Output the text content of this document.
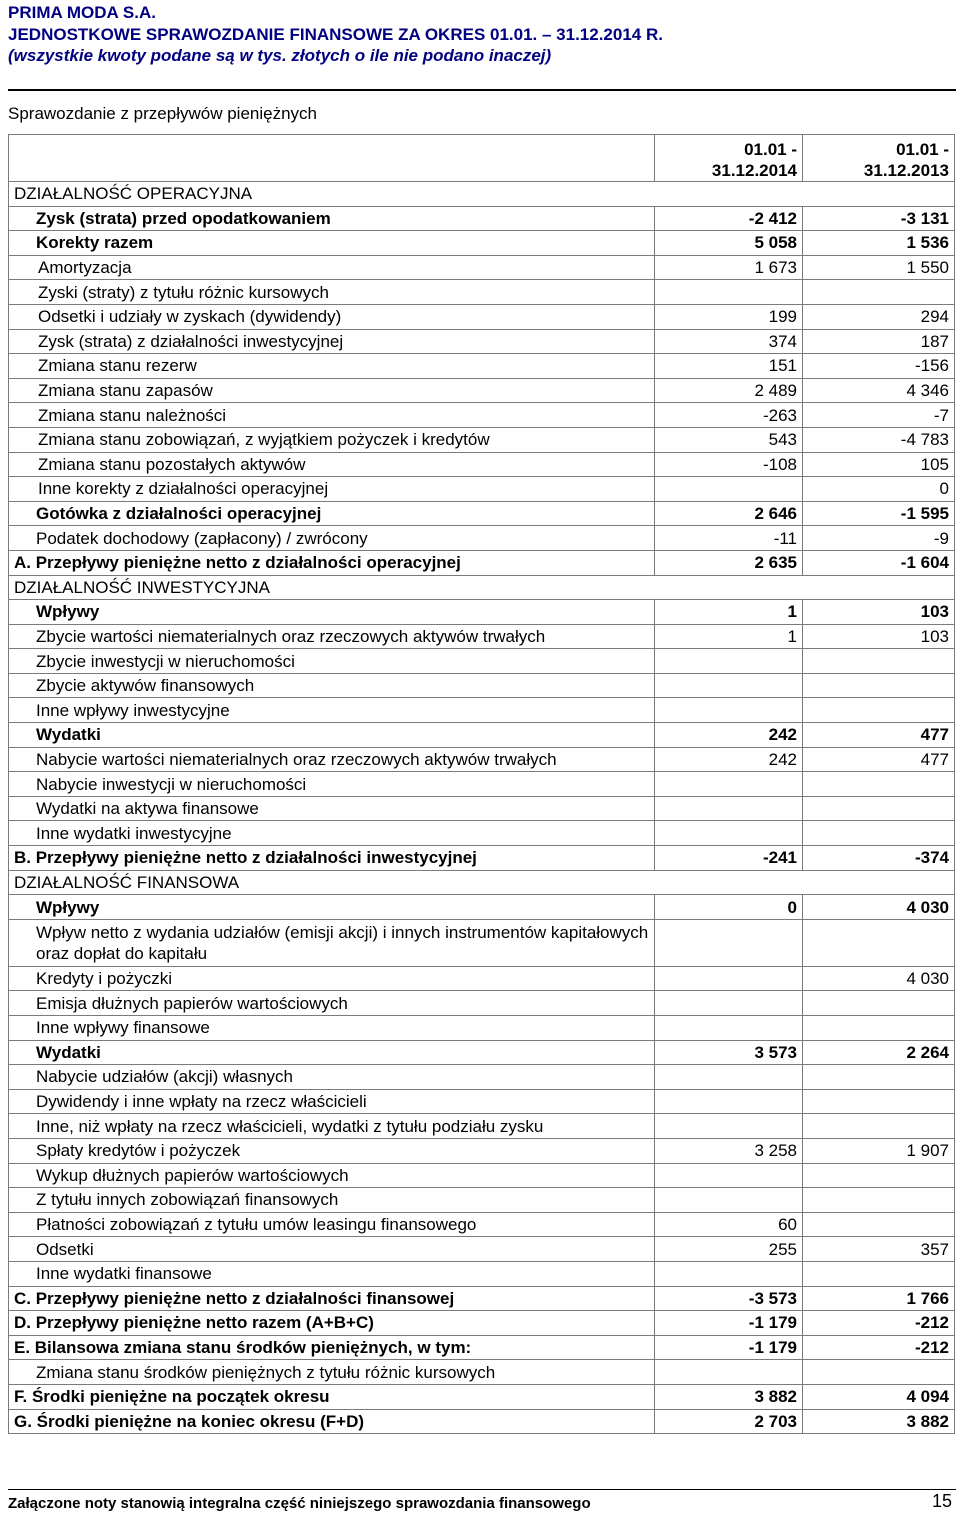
PRIMA MODA S.A.
JEDNOSTKOWE SPRAWOZDANIE FINANSOWE ZA OKRES 01.01. – 31.12.2014 R.
(wszystkie kwoty podane są w tys. złotych o ile nie podano inaczej)
Sprawozdanie z przepływów pieniężnych
	01.01 - 31.12.2014	01.01 - 31.12.2013
DZIAŁALNOŚĆ OPERACYJNA		
Zysk (strata) przed opodatkowaniem	-2 412	-3 131
Korekty razem	5 058	1 536
Amortyzacja	1 673	1 550
Zyski (straty) z tytułu różnic kursowych		
Odsetki i udziały w zyskach (dywidendy)	199	294
Zysk (strata) z działalności inwestycyjnej	374	187
Zmiana stanu rezerw	151	-156
Zmiana stanu zapasów	2 489	4 346
Zmiana stanu należności	-263	-7
Zmiana stanu zobowiązań, z wyjątkiem pożyczek i kredytów	543	-4 783
Zmiana stanu pozostałych aktywów	-108	105
Inne korekty z działalności operacyjnej		0
Gotówka z działalności operacyjnej	2 646	-1 595
Podatek dochodowy (zapłacony) / zwrócony	-11	-9
A. Przepływy pieniężne netto z działalności operacyjnej	2 635	-1 604
DZIAŁALNOŚĆ INWESTYCYJNA		
Wpływy	1	103
Zbycie wartości niematerialnych oraz rzeczowych aktywów trwałych	1	103
Zbycie inwestycji w nieruchomości		
Zbycie aktywów finansowych		
Inne wpływy inwestycyjne		
Wydatki	242	477
Nabycie wartości niematerialnych oraz rzeczowych aktywów trwałych	242	477
Nabycie inwestycji w nieruchomości		
Wydatki na aktywa finansowe		
Inne wydatki inwestycyjne		
B. Przepływy pieniężne netto z działalności inwestycyjnej	-241	-374
DZIAŁALNOŚĆ FINANSOWA		
Wpływy	0	4 030
Wpływ netto z wydania udziałów (emisji akcji) i innych instrumentów kapitałowych oraz dopłat do kapitału		
Kredyty i pożyczki		4 030
Emisja dłużnych papierów wartościowych		
Inne wpływy finansowe		
Wydatki	3 573	2 264
Nabycie udziałów (akcji) własnych		
Dywidendy i inne wpłaty na rzecz właścicieli		
Inne, niż wpłaty na rzecz właścicieli, wydatki z tytułu podziału zysku		
Spłaty kredytów i pożyczek	3 258	1 907
Wykup dłużnych papierów wartościowych		
Z tytułu innych zobowiązań finansowych		
Płatności zobowiązań z tytułu umów leasingu finansowego	60	
Odsetki	255	357
Inne wydatki finansowe		
C. Przepływy pieniężne netto z działalności finansowej	-3 573	1 766
D. Przepływy pieniężne netto razem (A+B+C)	-1 179	-212
E. Bilansowa zmiana stanu środków pieniężnych, w tym:	-1 179	-212
Zmiana stanu środków pieniężnych z tytułu różnic kursowych		
F. Środki pieniężne na początek okresu	3 882	4 094
G. Środki pieniężne na koniec okresu (F+D)	2 703	3 882
Załączone noty stanowią integralna część niniejszego sprawozdania finansowego	15
